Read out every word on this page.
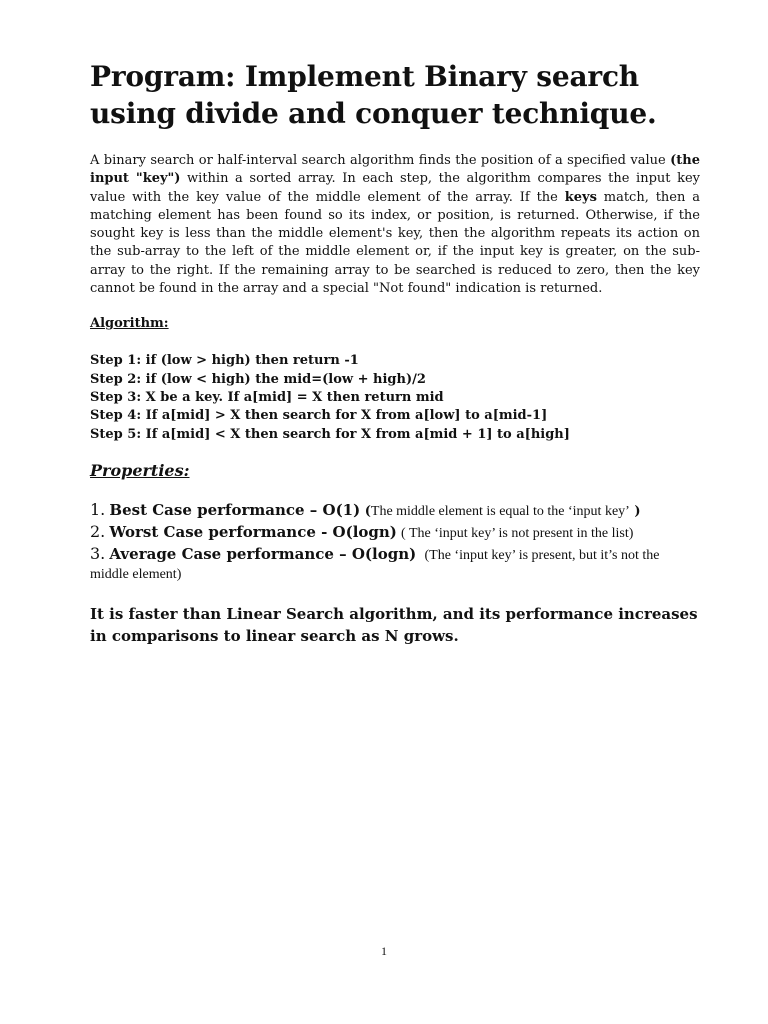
Program: Implement Binary search using divide and conquer technique.

A binary search or half-interval search algorithm finds the position of a specified value (the input "key") within a sorted array. In each step, the algorithm compares the input key value with the key value of the middle element of the array. If the keys match, then a matching element has been found so its index, or position, is returned. Otherwise, if the sought key is less than the middle element's key, then the algorithm repeats its action on the sub-array to the left of the middle element or, if the input key is greater, on the sub-array to the right. If the remaining array to be searched is reduced to zero, then the key cannot be found in the array and a special "Not found" indication is returned.

Algorithm:
Step 1: if (low > high) then return -1
Step 2: if (low < high) the mid=(low + high)/2
Step 3: X be a key. If a[mid] = X then return mid
Step 4: If a[mid] > X then search for X from a[low] to a[mid-1]
Step 5: If a[mid] < X then search for X from a[mid + 1] to a[high]
Properties:
1. Best Case performance – O(1) (The middle element is equal to the ‘input key’ )
2. Worst Case performance - O(logn) ( The ‘input key’ is not present in the list)
3. Average Case performance – O(logn) (The ‘input key’ is present, but it’s not the middle element)

It is faster than Linear Search algorithm, and its performance increases in comparisons to linear search as N grows.

1
